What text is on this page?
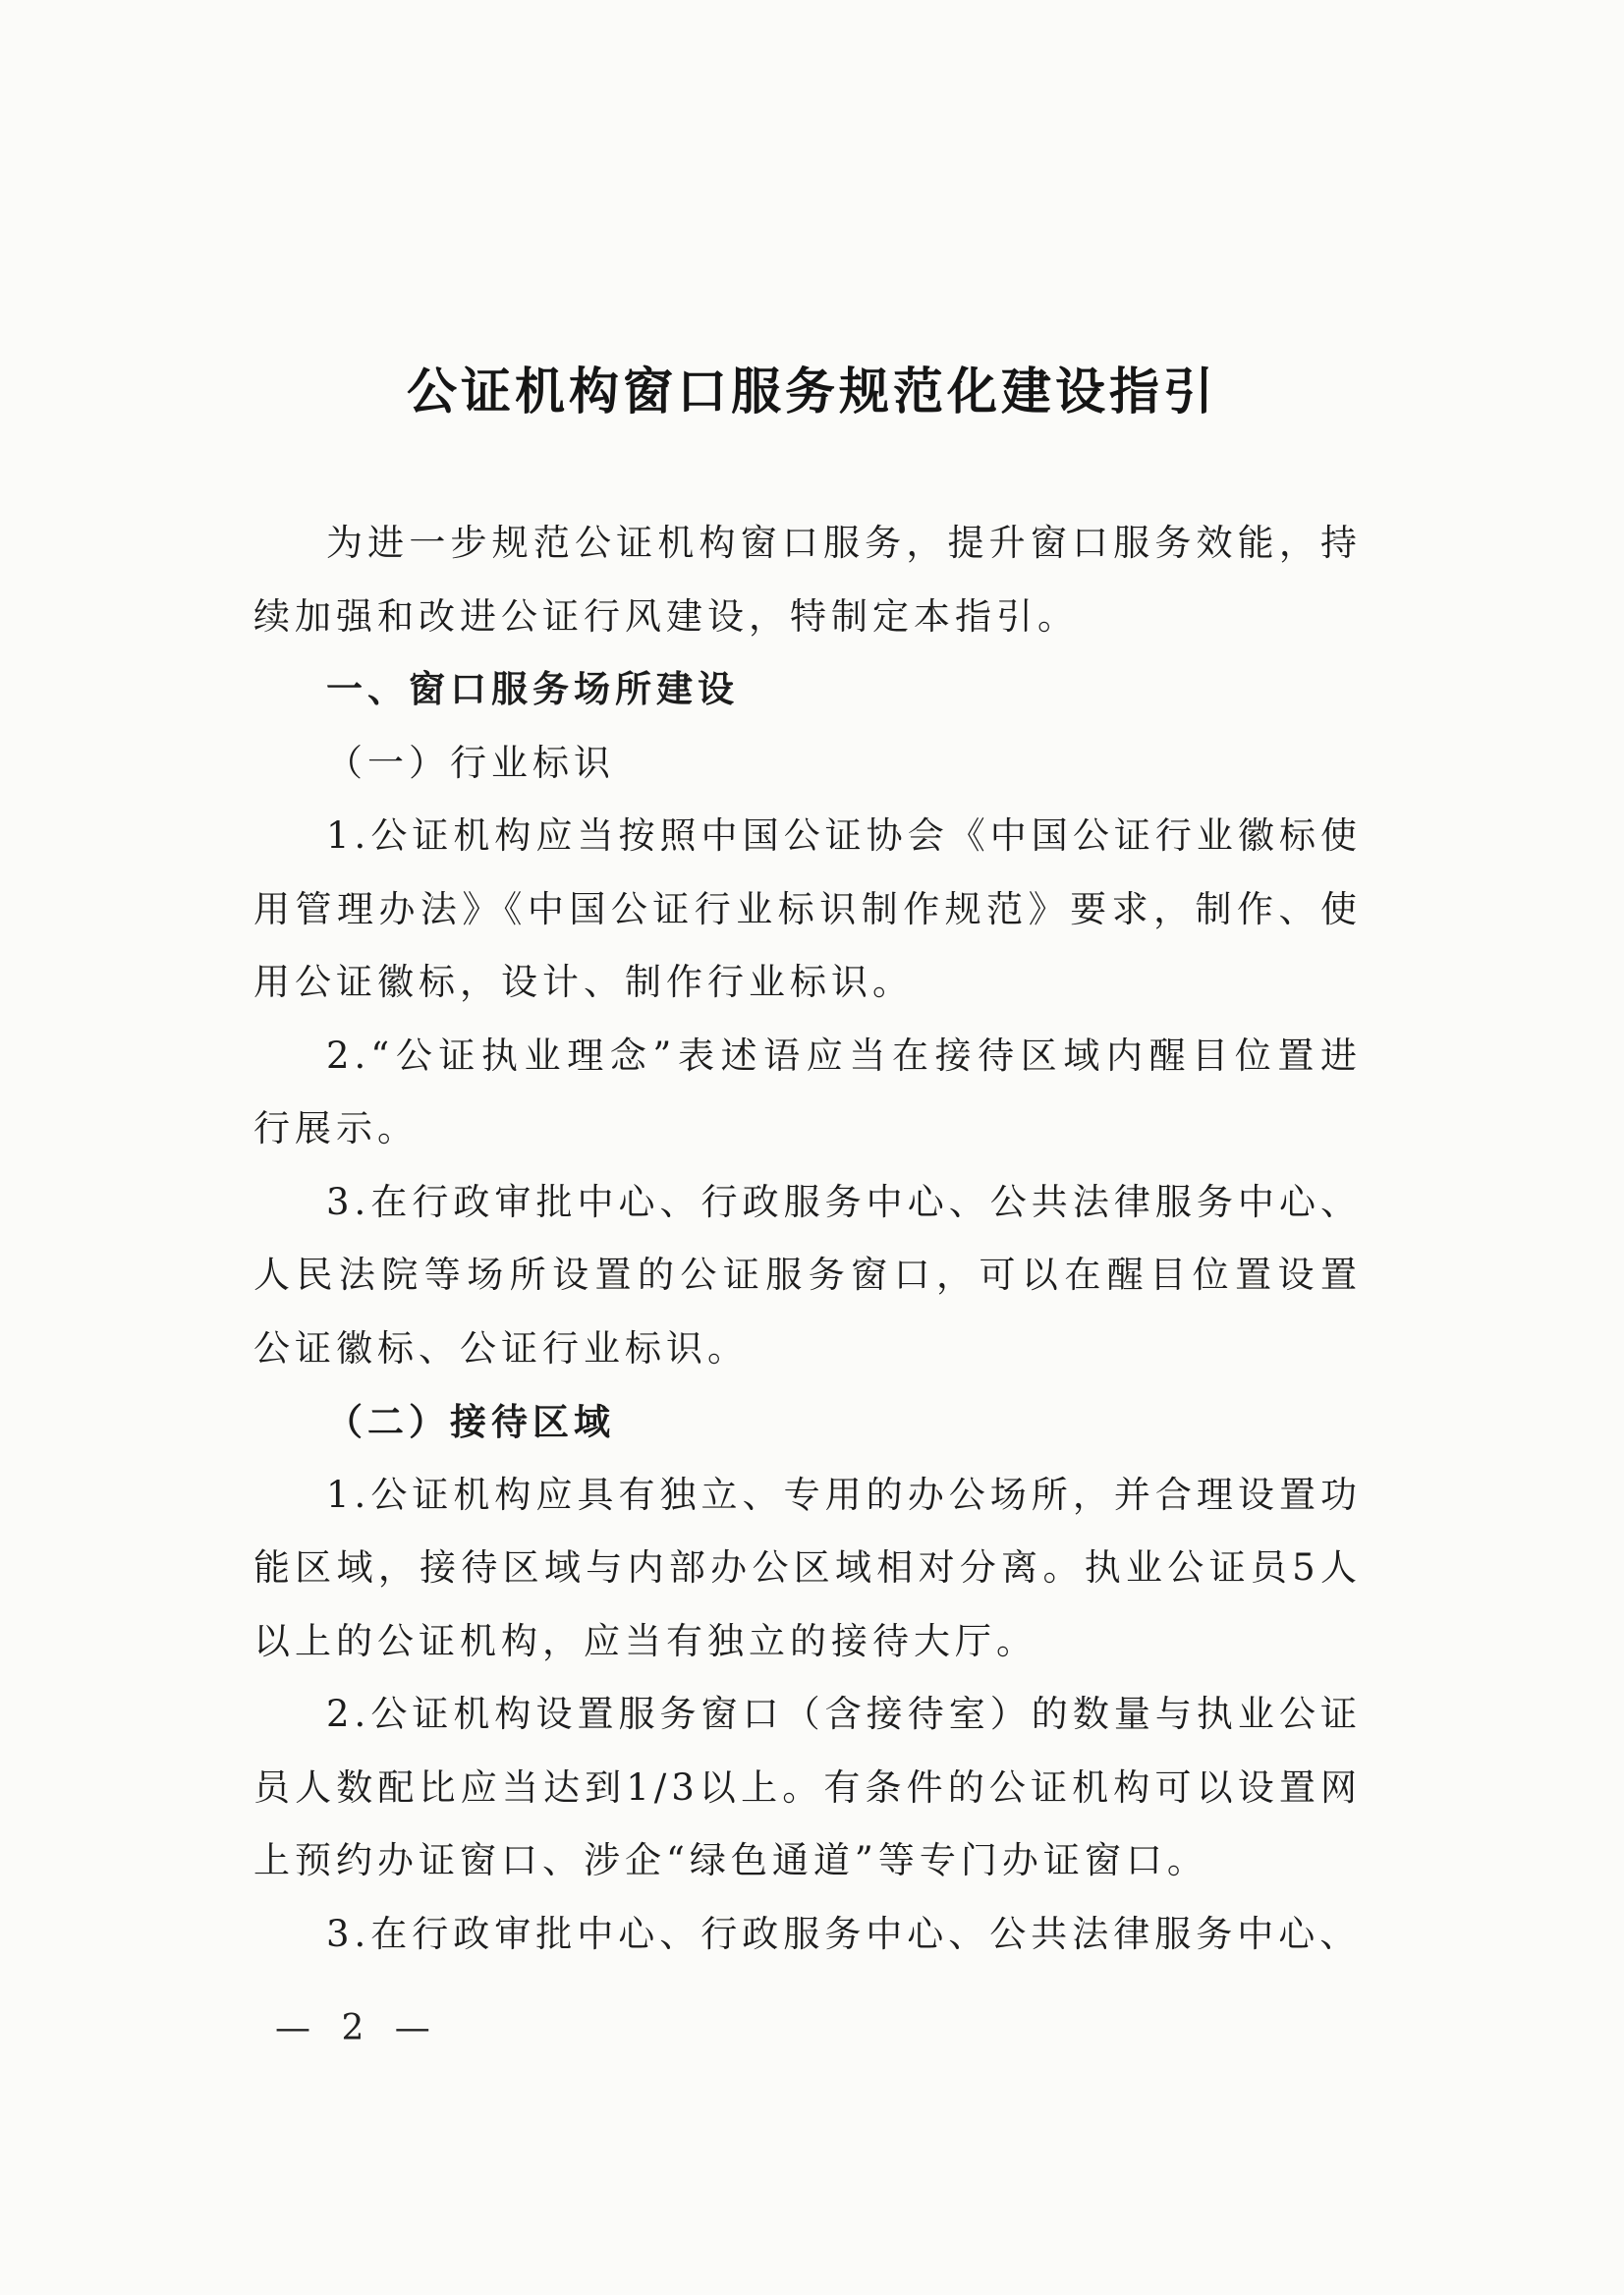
公证机构窗口服务规范化建设指引

为进一步规范公证机构窗口服务，提升窗口服务效能，持续加强和改进公证行风建设，特制定本指引。

一、窗口服务场所建设

（一）行业标识

1.公证机构应当按照中国公证协会《中国公证行业徽标使用管理办法》《中国公证行业标识制作规范》要求，制作、使用公证徽标，设计、制作行业标识。

2.“公证执业理念”表述语应当在接待区域内醒目位置进行展示。

3.在行政审批中心、行政服务中心、公共法律服务中心、人民法院等场所设置的公证服务窗口，可以在醒目位置设置公证徽标、公证行业标识。

（二）接待区域

1.公证机构应具有独立、专用的办公场所，并合理设置功能区域，接待区域与内部办公区域相对分离。执业公证员5人以上的公证机构，应当有独立的接待大厅。

2.公证机构设置服务窗口（含接待室）的数量与执业公证员人数配比应当达到1/3以上。有条件的公证机构可以设置网上预约办证窗口、涉企“绿色通道”等专门办证窗口。

3.在行政审批中心、行政服务中心、公共法律服务中心、

— 2 —
